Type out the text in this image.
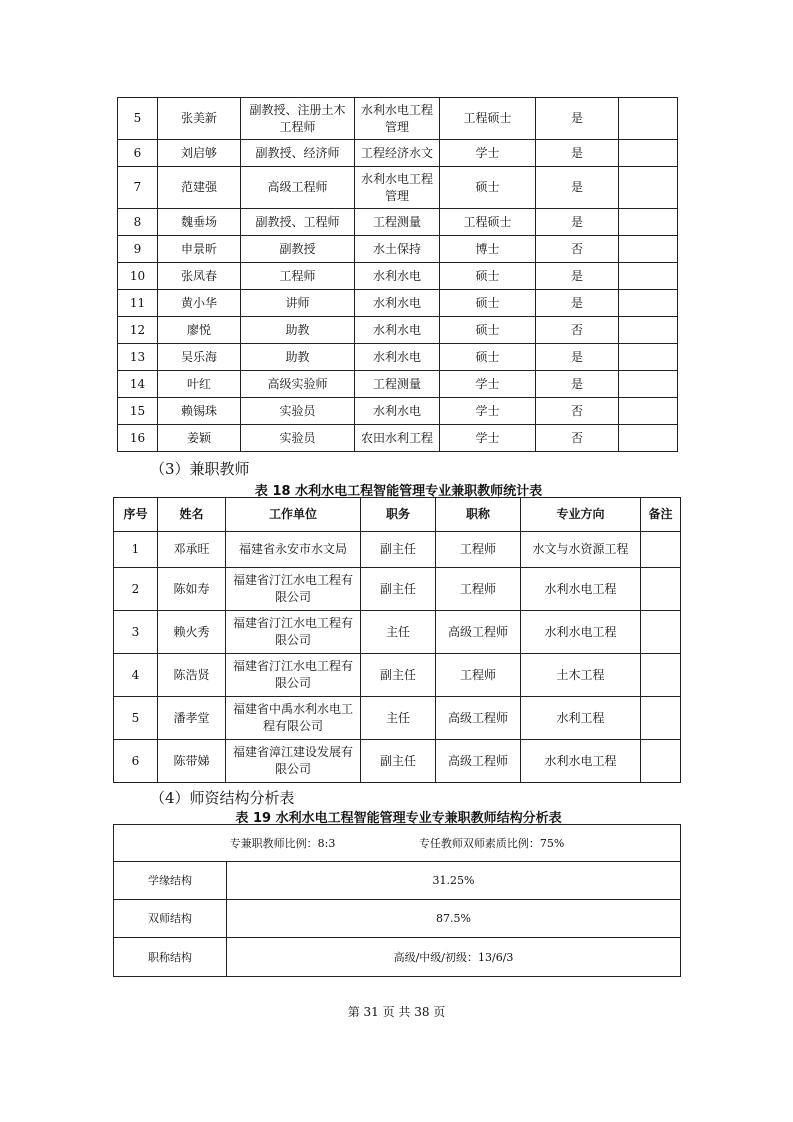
5	张美新	副教授、注册土木工程师	水利水电工程管理	工程硕士	是	
6	刘启够	副教授、经济师	工程经济水文	学士	是	
7	范建强	高级工程师	水利水电工程管理	硕士	是	
8	魏垂场	副教授、工程师	工程测量	工程硕士	是	
9	申景昕	副教授	水土保持	博士	否	
10	张凤春	工程师	水利水电	硕士	是	
11	黄小华	讲师	水利水电	硕士	是	
12	廖悦	助教	水利水电	硕士	否	
13	吴乐海	助教	水利水电	硕士	是	
14	叶红	高级实验师	工程测量	学士	是	
15	赖锡珠	实验员	水利水电	学士	否	
16	姜颖	实验员	农田水利工程	学士	否	
（3）兼职教师
表 18 水利水电工程智能管理专业兼职教师统计表
序号	姓名	工作单位	职务	职称	专业方向	备注
1	邓承旺	福建省永安市水文局	副主任	工程师	水文与水资源工程	
2	陈如寿	福建省汀江水电工程有限公司	副主任	工程师	水利水电工程	
3	赖火秀	福建省汀江水电工程有限公司	主任	高级工程师	水利水电工程	
4	陈浩贤	福建省汀江水电工程有限公司	副主任	工程师	土木工程	
5	潘孝堂	福建省中禹水利水电工程有限公司	主任	高级工程师	水利工程	
6	陈带娣	福建省漳江建设发展有限公司	副主任	高级工程师	水利水电工程	
（4）师资结构分析表
表 19 水利水电工程智能管理专业专兼职教师结构分析表
专兼职教师比例：8:3 专任教师双师素质比例：75%	
学缘结构	31.25%
双师结构	87.5%
职称结构	高级/中级/初级：13/6/3
第 31 页 共 38 页
